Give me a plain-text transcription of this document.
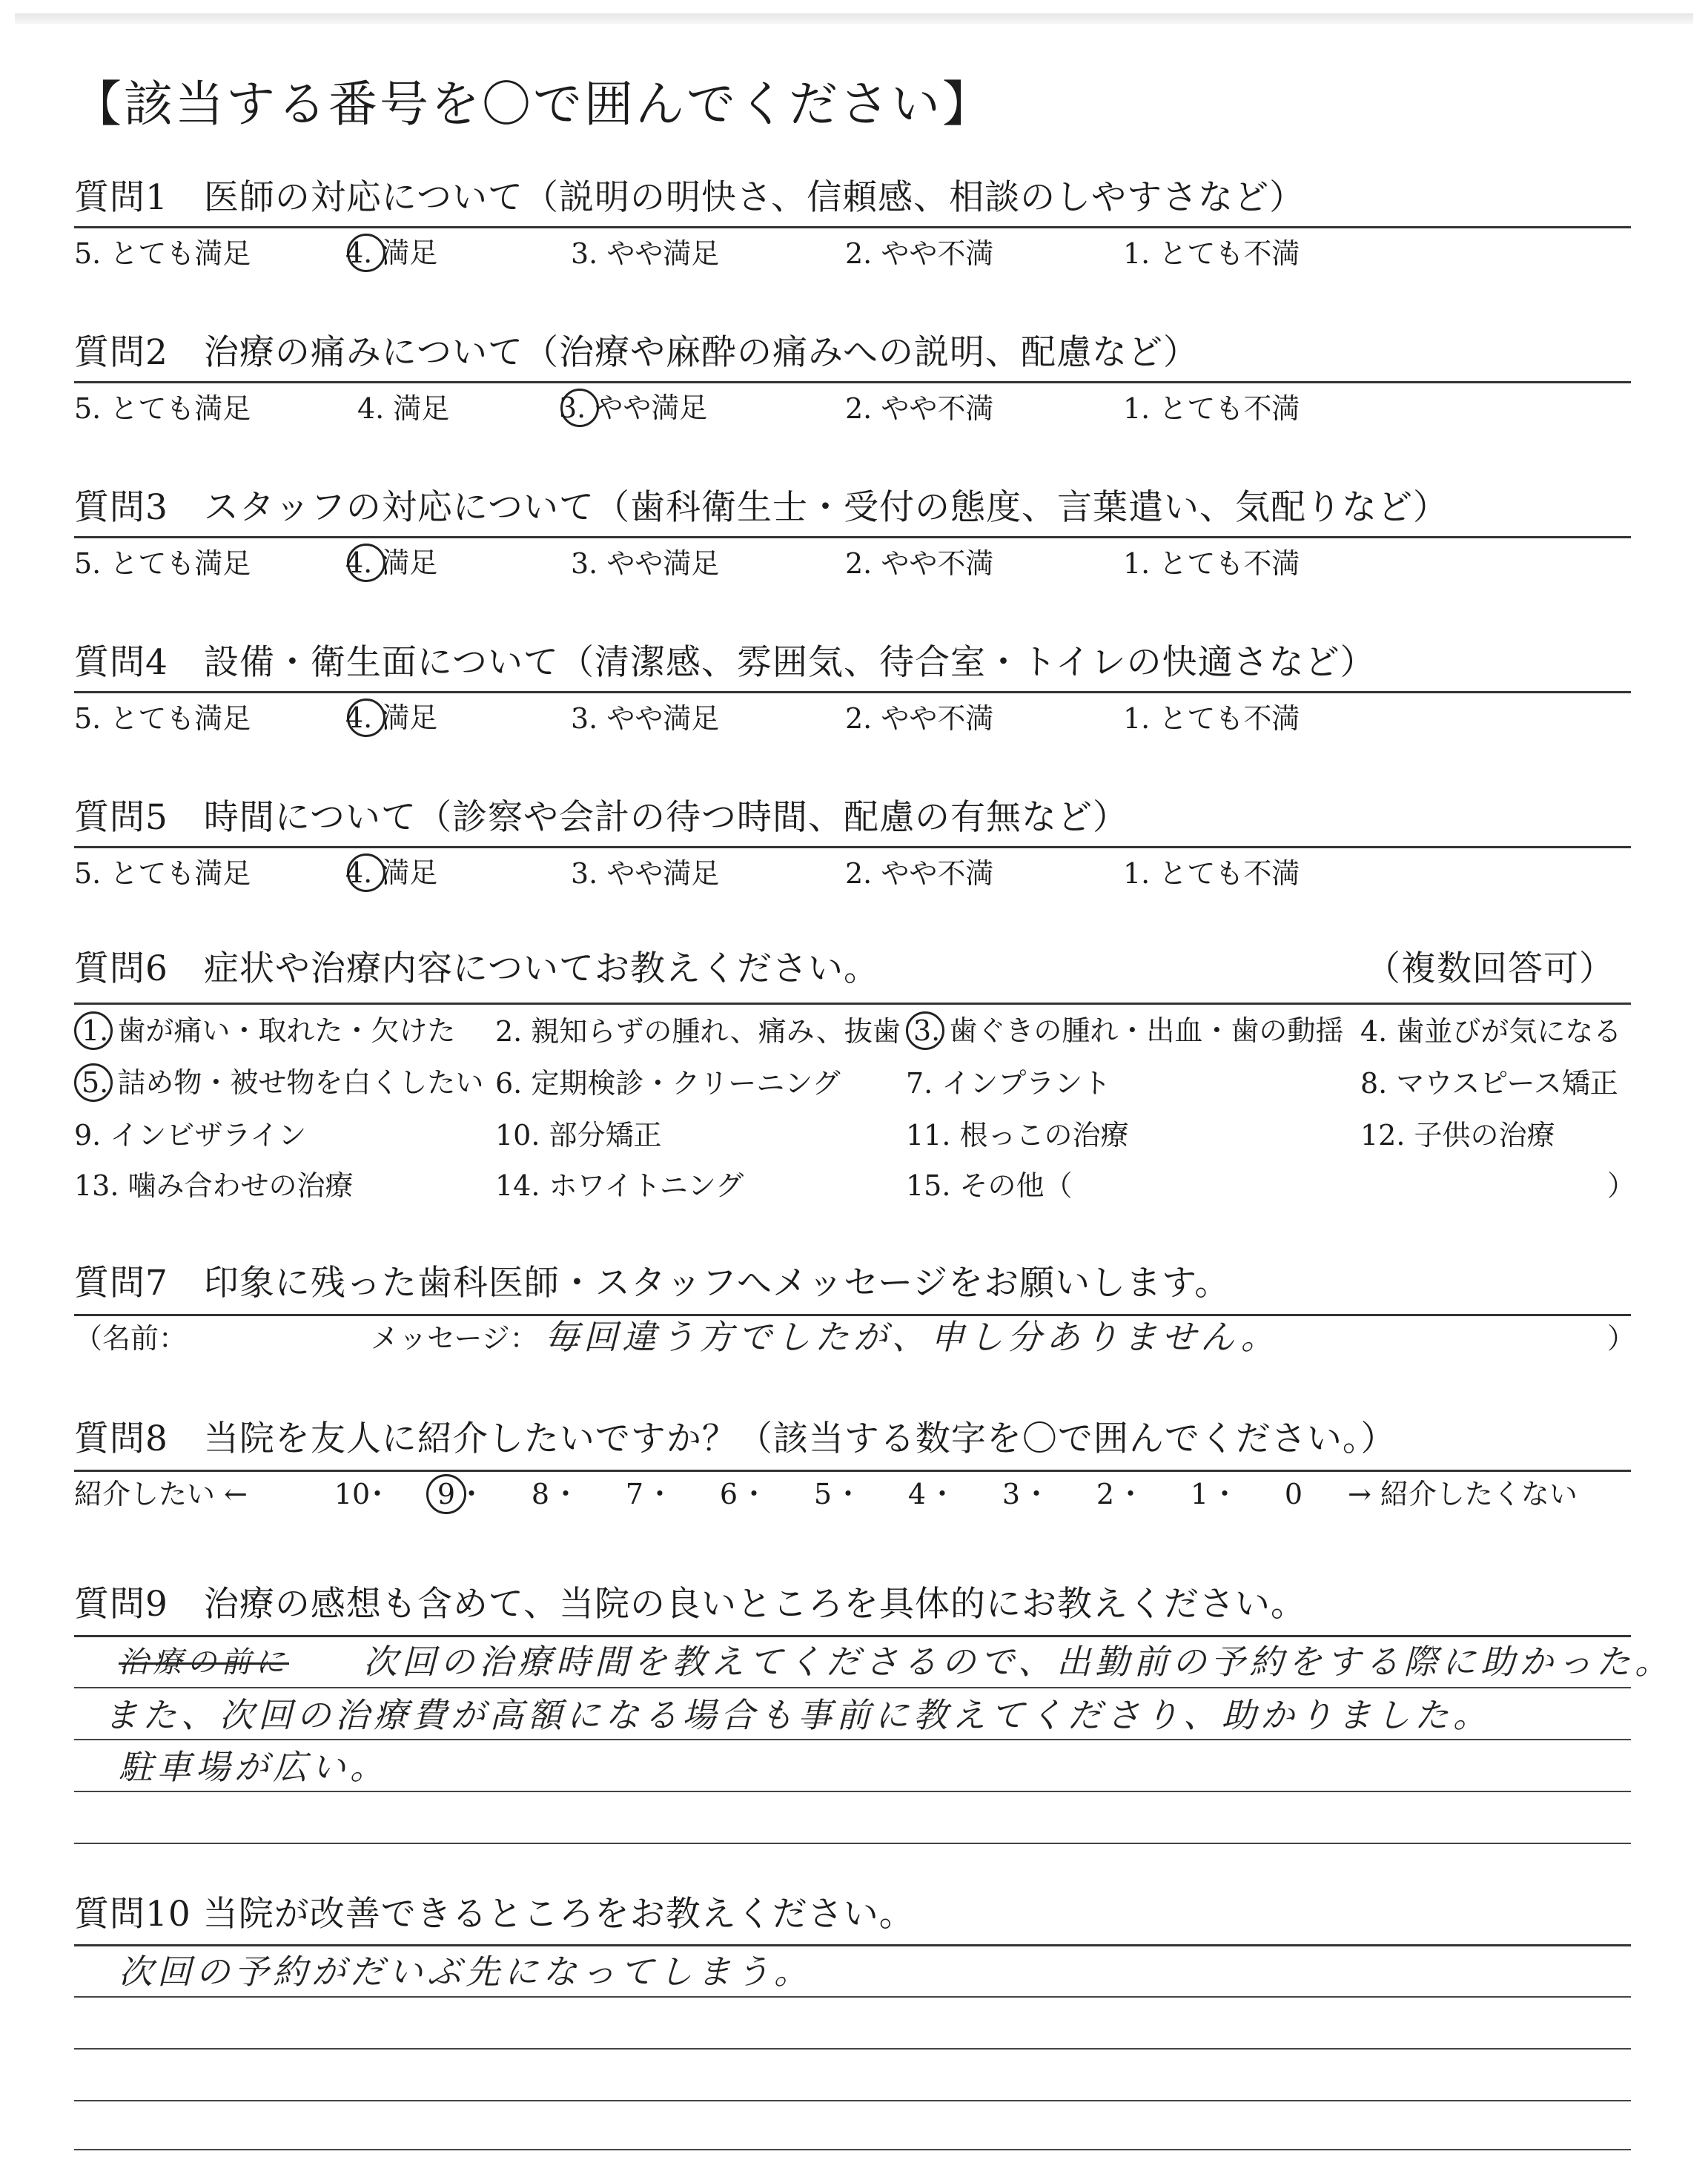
【該当する番号を〇で囲んでください】
質問1　医師の対応について（説明の明快さ、信頼感、相談のしやすさなど）
5. とても満足	4. 満足	3. やや満足	2. やや不満	1. とても不満
質問2　治療の痛みについて（治療や麻酔の痛みへの説明、配慮など）
5. とても満足	4. 満足	3. やや満足	2. やや不満	1. とても不満
質問3　スタッフの対応について（歯科衛生士・受付の態度、言葉遣い、気配りなど）
5. とても満足	4. 満足	3. やや満足	2. やや不満	1. とても不満
質問4　設備・衛生面について（清潔感、雰囲気、待合室・トイレの快適さなど）
5. とても満足	4. 満足	3. やや満足	2. やや不満	1. とても不満
質問5　時間について（診察や会計の待つ時間、配慮の有無など）
5. とても満足	4. 満足	3. やや満足	2. やや不満	1. とても不満
質問6　症状や治療内容についてお教えください。	（複数回答可）
1. 歯が痛い・取れた・欠けた 2. 親知らずの腫れ、痛み、抜歯 3. 歯ぐきの腫れ・出血・歯の動揺 4. 歯並びが気になる
5. 詰め物・被せ物を白くしたい 6. 定期検診・クリーニング 7. インプラント	8. マウスピース矯正
9. インビザライン	10. 部分矯正	11. 根っこの治療	12. 子供の治療
13. 噛み合わせの治療	14. ホワイトニング	15. その他（	）
質問7　印象に残った歯科医師・スタッフへメッセージをお願いします。
（名前：	メッセージ： 毎回違う方でしたが、申し分ありません。	）
質問8　当院を友人に紹介したいですか？（該当する数字を〇で囲んでください。）
紹介したい ←	→ 紹介したくない
10
・	9 ・	8 ・	7 ・	6 ・	5 ・	4 ・	3 ・	2 ・	1 ・	0
質問9　治療の感想も含めて、当院の良いところを具体的にお教えください。
治療の前に 次回の治療時間を教えてくださるので、出勤前の予約をする際に助かった。
また、次回の治療費が高額になる場合も事前に教えてくださり、助かりました。
駐車場が広い。
質問10 当院が改善できるところをお教えください。
次回の予約がだいぶ先になってしまう。
